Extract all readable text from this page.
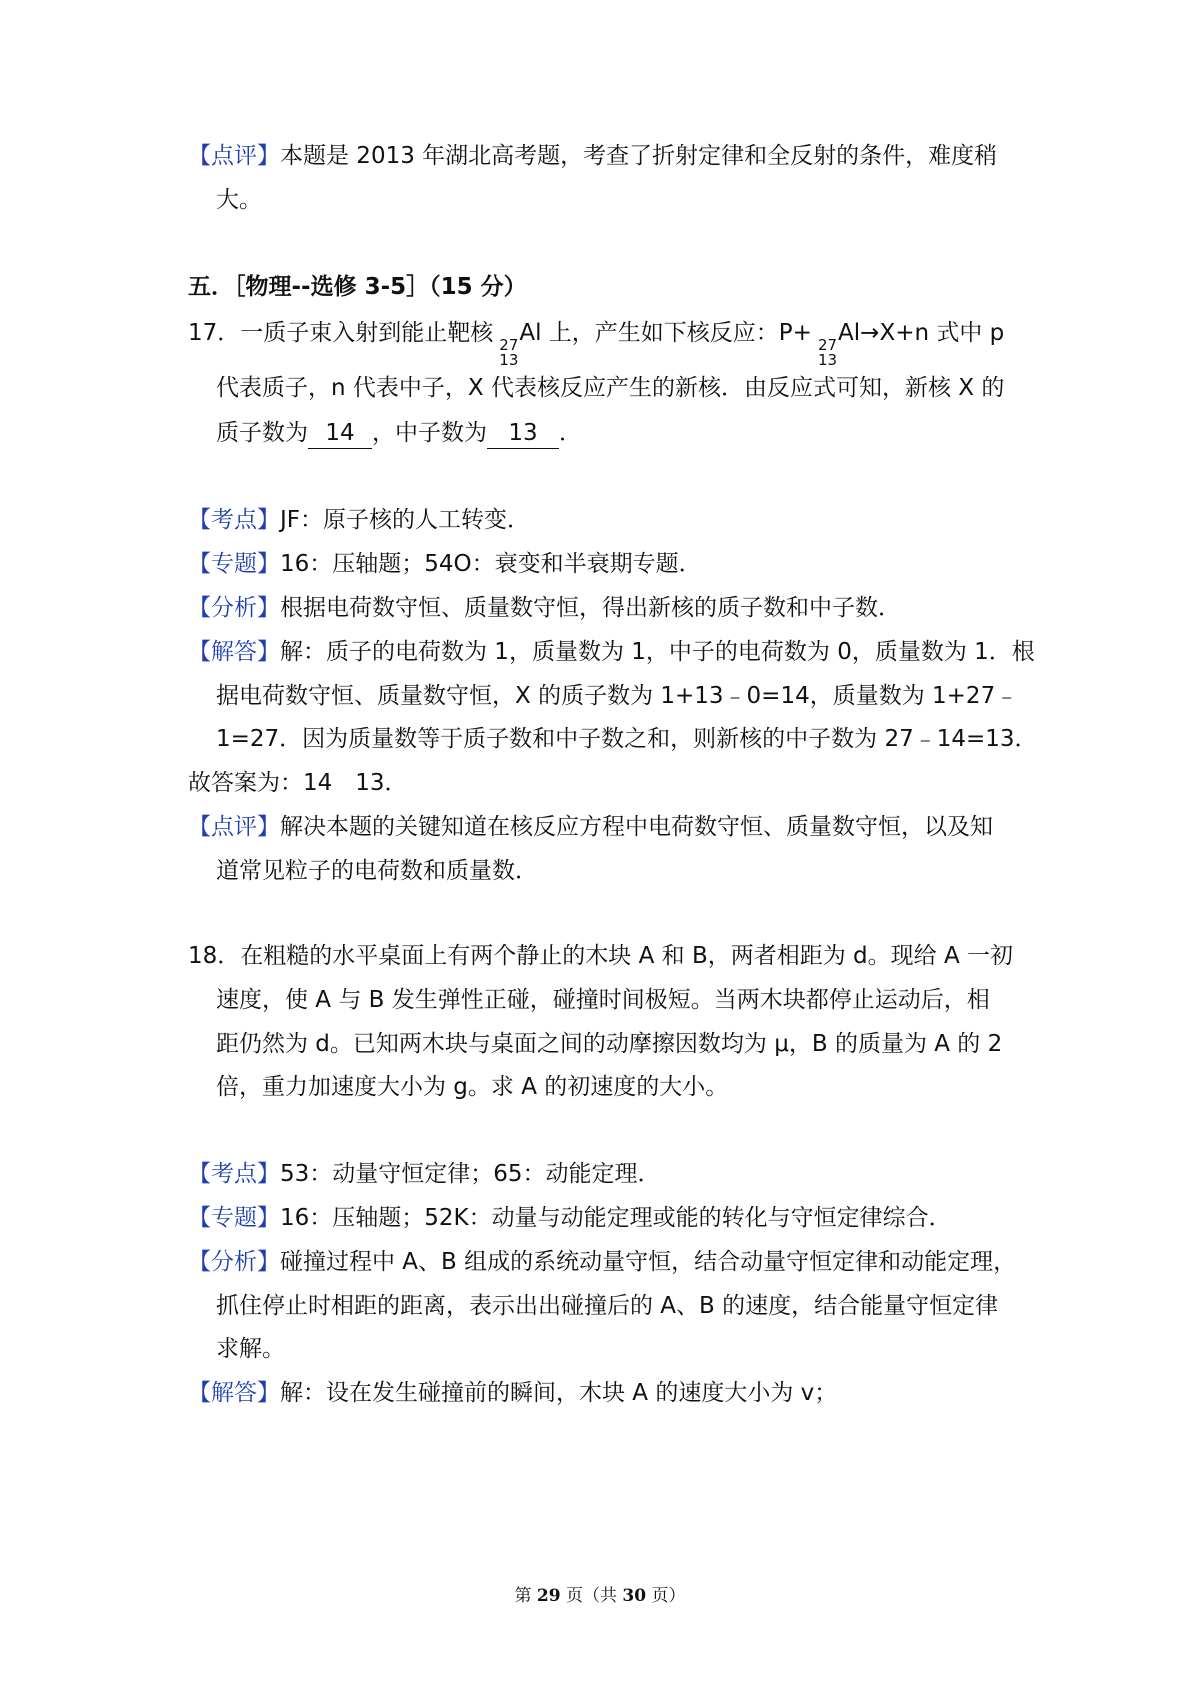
【点评】本题是 2013 年湖北高考题，考查了折射定律和全反射的条件，难度稍
大。
五．［物理--选修 3-5］（15 分）
17．一质子束入射到能止靶核 27
13
Al 上，产生如下核反应：P+ 27
13
Al→X+n 式中 p
代表质子，n 代表中子，X 代表核反应产生的新核．由反应式可知，新核 X 的
质子数为 14 ，中子数为 13 ．
【考点】JF：原子核的人工转变．
【专题】16：压轴题；54O：衰变和半衰期专题．
【分析】根据电荷数守恒、质量数守恒，得出新核的质子数和中子数．
【解答】解：质子的电荷数为 1，质量数为 1，中子的电荷数为 0，质量数为 1．根
据电荷数守恒、质量数守恒，X 的质子数为 1+13﹣0=14，质量数为 1+27﹣
1=27．因为质量数等于质子数和中子数之和，则新核的中子数为 27﹣14=13．
故答案为：14　13．
【点评】解决本题的关键知道在核反应方程中电荷数守恒、质量数守恒，以及知
道常见粒子的电荷数和质量数．
18．在粗糙的水平桌面上有两个静止的木块 A 和 B，两者相距为 d。现给 A 一初
速度，使 A 与 B 发生弹性正碰，碰撞时间极短。当两木块都停止运动后，相
距仍然为 d。已知两木块与桌面之间的动摩擦因数均为 μ，B 的质量为 A 的 2
倍，重力加速度大小为 g。求 A 的初速度的大小。
【考点】53：动量守恒定律；65：动能定理．
【专题】16：压轴题；52K：动量与动能定理或能的转化与守恒定律综合．
【分析】碰撞过程中 A、B 组成的系统动量守恒，结合动量守恒定律和动能定理，
抓住停止时相距的距离，表示出出碰撞后的 A、B 的速度，结合能量守恒定律
求解。
【解答】解：设在发生碰撞前的瞬间，木块 A 的速度大小为 v；
第 29 页（共 30 页）
